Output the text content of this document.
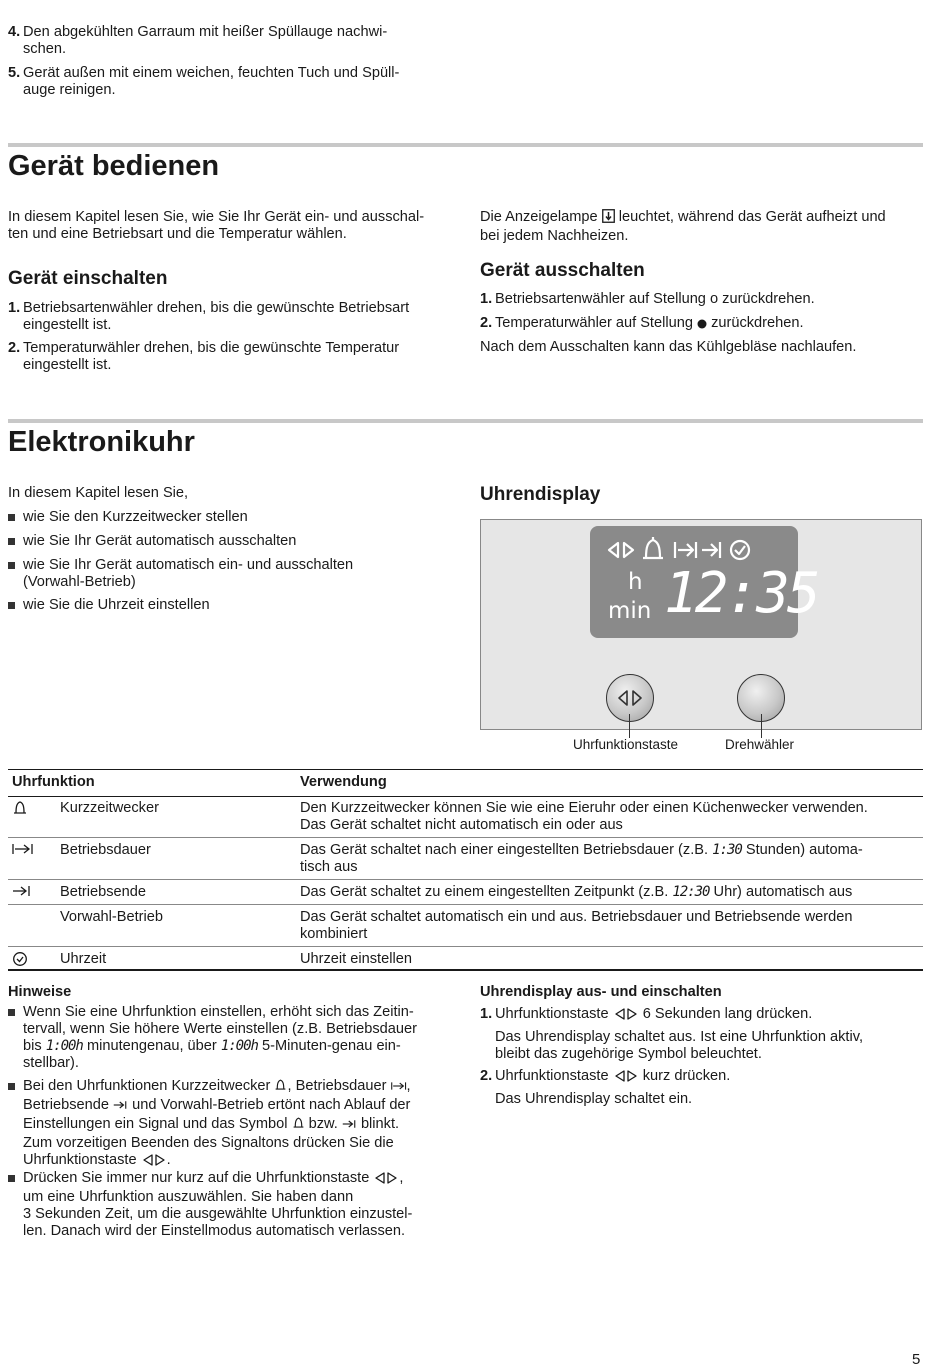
4. Den abgekühlten Garraum mit heißer Spüllauge nachwi-
schen.
5. Gerät außen mit einem weichen, feuchten Tuch und Spüll-
auge reinigen.
Gerät bedienen
In diesem Kapitel lesen Sie, wie Sie Ihr Gerät ein- und ausschal-
ten und eine Betriebsart und die Temperatur wählen.
Gerät einschalten
1. Betriebsartenwähler drehen, bis die gewünschte Betriebsart
eingestellt ist.
2. Temperaturwähler drehen, bis die gewünschte Temperatur
eingestellt ist.
Die Anzeigelampe leuchtet, während das Gerät aufheizt und
bei jedem Nachheizen.
Gerät ausschalten
1. Betriebsartenwähler auf Stellung o zurückdrehen.
2. Temperaturwähler auf Stellung zurückdrehen.
Nach dem Ausschalten kann das Kühlgebläse nachlaufen.
Elektronikuhr
In diesem Kapitel lesen Sie,
wie Sie den Kurzzeitwecker stellen
wie Sie Ihr Gerät automatisch ausschalten
wie Sie Ihr Gerät automatisch ein- und ausschalten
(Vorwahl-Betrieb)
wie Sie die Uhrzeit einstellen
Uhrendisplay
h
min 12:35
Uhrfunktionstaste	Drehwähler
Uhrfunktion	Verwendung
Kurzzeitwecker	Den Kurzzeitwecker können Sie wie eine Eieruhr oder einen Küchenwecker verwenden.
Das Gerät schaltet nicht automatisch ein oder aus
Betriebsdauer	Das Gerät schaltet nach einer eingestellten Betriebsdauer (z.B. 1:30 Stunden) automa-
tisch aus
Betriebsende	Das Gerät schaltet zu einem eingestellten Zeitpunkt (z.B. 12:30 Uhr) automatisch aus
Vorwahl-Betrieb	Das Gerät schaltet automatisch ein und aus. Betriebsdauer und Betriebsende werden
kombiniert
Uhrzeit	Uhrzeit einstellen
Hinweise
Wenn Sie eine Uhrfunktion einstellen, erhöht sich das Zeitin-
tervall, wenn Sie höhere Werte einstellen (z.B. Betriebsdauer
bis 1:00h minutengenau, über 1:00h 5-Minuten-genau ein-
stellbar).
Bei den Uhrfunktionen Kurzzeitwecker , Betriebsdauer ,
Betriebsende und Vorwahl-Betrieb ertönt nach Ablauf der
Einstellungen ein Signal und das Symbol bzw. blinkt.
Zum vorzeitigen Beenden des Signaltons drücken Sie die
Uhrfunktionstaste .
Drücken Sie immer nur kurz auf die Uhrfunktionstaste ,
um eine Uhrfunktion auszuwählen. Sie haben dann
3 Sekunden Zeit, um die ausgewählte Uhrfunktion einzustel-
len. Danach wird der Einstellmodus automatisch verlassen.
Uhrendisplay aus- und einschalten
1. Uhrfunktionstaste 6 Sekunden lang drücken.
Das Uhrendisplay schaltet aus. Ist eine Uhrfunktion aktiv,
bleibt das zugehörige Symbol beleuchtet.
2. Uhrfunktionstaste kurz drücken.
Das Uhrendisplay schaltet ein.
5
